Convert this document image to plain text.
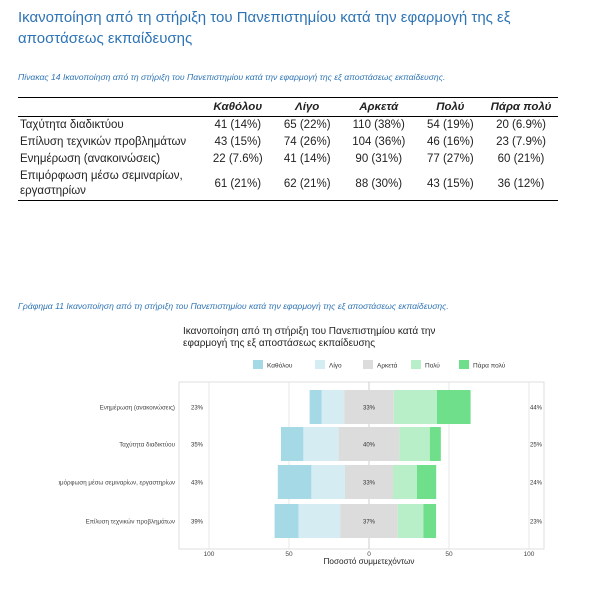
Ικανοποίηση από τη στήριξη του Πανεπιστημίου κατά την εφαρμογή της εξ αποστάσεως εκπαίδευσης
Πίνακας 14 Ικανοποίηση από τη στήριξη του Πανεπιστημίου κατά την εφαρμογή της εξ αποστάσεως εκπαίδευσης.
	Καθόλου	Λίγο	Αρκετά	Πολύ	Πάρα πολύ
Ταχύτητα διαδικτύου	41 (14%)	65 (22%)	110 (38%)	54 (19%)	20 (6.9%)
Επίλυση τεχνικών προβλημάτων	43 (15%)	74 (26%)	104 (36%)	46 (16%)	23 (7.9%)
Ενημέρωση (ανακοινώσεις)	22 (7.6%)	41 (14%)	90 (31%)	77 (27%)	60 (21%)
Επιμόρφωση μέσω σεμιναρίων, εργαστηρίων	61 (21%)	62 (21%)	88 (30%)	43 (15%)	36 (12%)
Γράφημα 11 Ικανοποίηση από τη στήριξη του Πανεπιστημίου κατά την εφαρμογή της εξ αποστάσεως εκπαίδευσης.
Ικανοποίηση από τη στήριξη του Πανεπιστημίου κατά την
εφαρμογή της εξ αποστάσεως εκπαίδευσης
Καθόλου	Λίγο	Αρκετά	Πολύ	Πάρα πολύ
Ενημέρωση (ανακοινώσεις)	23%	33%	44%
Ταχύτητα διαδικτύου	35%	40%	25%
Επιμόρφωση μέσω σεμιναρίων, εργαστηρίων	43%	33%	24%
Επίλυση τεχνικών προβλημάτων	39%	37%	23%
100	50	0	50	100
Ποσοστό συμμετεχόντων
